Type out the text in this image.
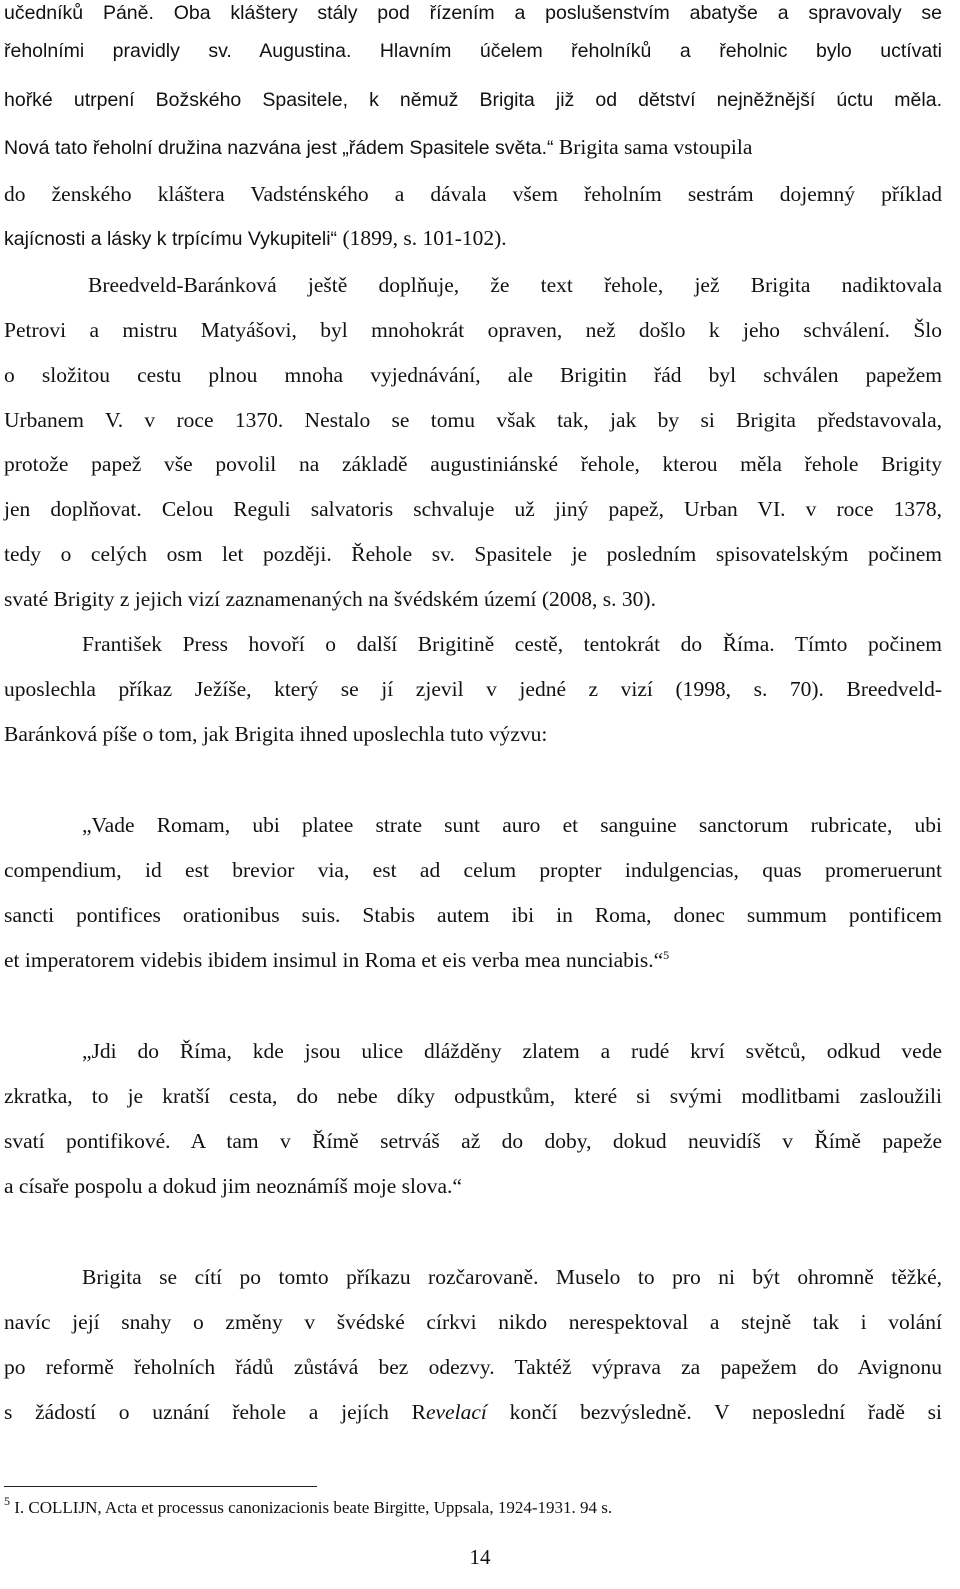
učedníků Páně. Oba kláštery stály pod řízením a poslušenstvím abatyše a spravovaly se
řeholními pravidly sv. Augustina. Hlavním účelem řeholníků a řeholnic bylo uctívati
hořké utrpení Božského Spasitele, k němuž Brigita již od dětství nejněžnější úctu měla.
Nová tato řeholní družina nazvána jest „řádem Spasitele světa.“ Brigita sama vstoupila
do ženského kláštera Vadsténského a dávala všem řeholním sestrám dojemný příklad
kajícnosti a lásky k trpícímu Vykupiteli“ (1899, s. 101-102).
Breedveld-Baránková ještě doplňuje, že text řehole, jež Brigita nadiktovala
Petrovi a mistru Matyášovi, byl mnohokrát opraven, než došlo k jeho schválení. Šlo
o složitou cestu plnou mnoha vyjednávání, ale Brigitin řád byl schválen papežem
Urbanem V. v roce 1370. Nestalo se tomu však tak, jak by si Brigita představovala,
protože papež vše povolil na základě augustiniánské řehole, kterou měla řehole Brigity
jen doplňovat. Celou Reguli salvatoris schvaluje už jiný papež, Urban VI. v roce 1378,
tedy o celých osm let později. Řehole sv. Spasitele je posledním spisovatelským počinem
svaté Brigity z jejich vizí zaznamenaných na švédském území (2008, s. 30).
František Press hovoří o další Brigitině cestě, tentokrát do Říma. Tímto počinem
uposlechla příkaz Ježíše, který se jí zjevil v jedné z vizí (1998, s. 70). Breedveld-
Baránková píše o tom, jak Brigita ihned uposlechla tuto výzvu:
„Vade Romam, ubi platee strate sunt auro et sanguine sanctorum rubricate, ubi
compendium, id est brevior via, est ad celum propter indulgencias, quas promeruerunt
sancti pontifices orationibus suis. Stabis autem ibi in Roma, donec summum pontificem
et imperatorem videbis ibidem insimul in Roma et eis verba mea nunciabis.“$^5$
„Jdi do Říma, kde jsou ulice dlážděny zlatem a rudé krví světců, odkud vede
zkratka, to je kratší cesta, do nebe díky odpustkům, které si svými modlitbami zasloužili
svatí pontifikové. A tam v Římě setrváš až do doby, dokud neuvidíš v Římě papeže
a císaře pospolu a dokud jim neoznámíš moje slova.“
Brigita se cítí po tomto příkazu rozčarovaně. Muselo to pro ni být ohromně těžké,
navíc její snahy o změny v švédské církvi nikdo nerespektoval a stejně tak i volání
po reformě řeholních řádů zůstává bez odezvy. Taktéž výprava za papežem do Avignonu
s žádostí o uznání řehole a jejích Revelací končí bezvýsledně. V neposlední řadě si
$^5$ I. COLLIJN, Acta et processus canonizacionis beate Birgitte, Uppsala, 1924-1931. 94 s.
14
